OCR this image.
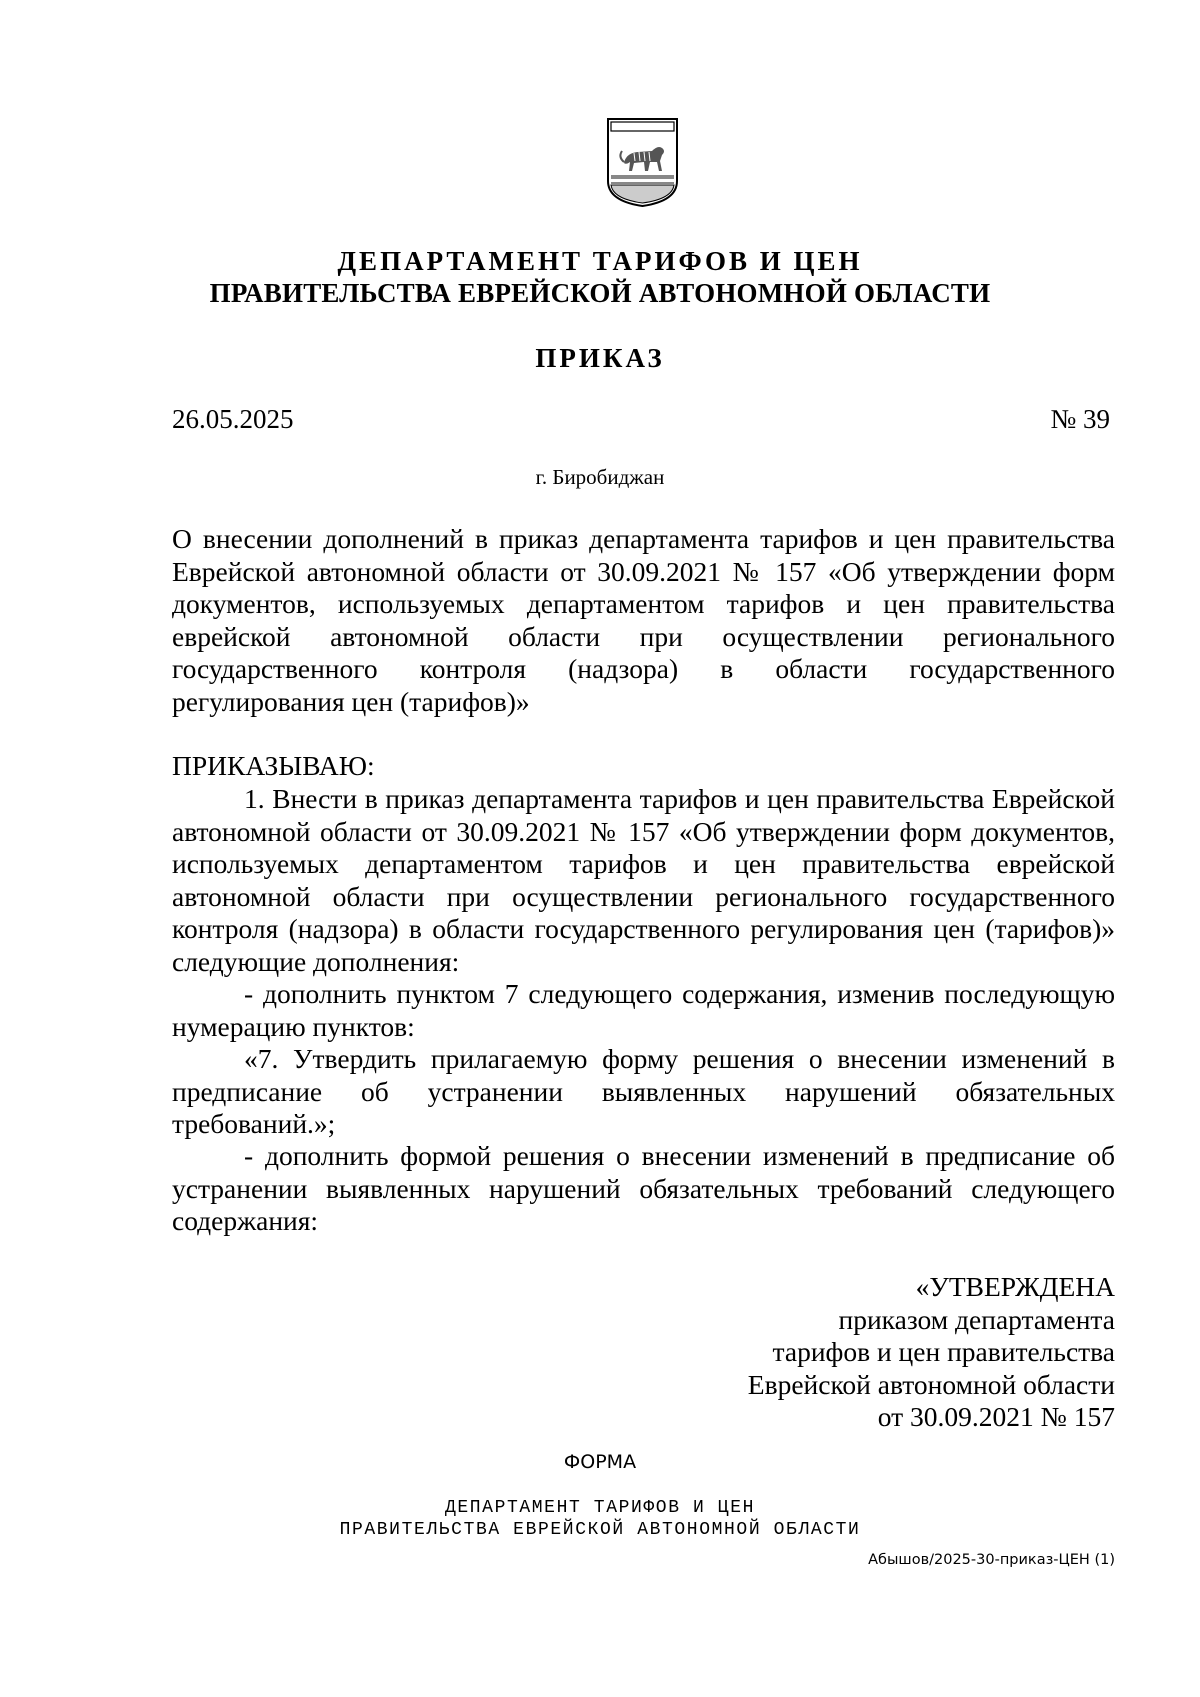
ДЕПАРТАМЕНТ ТАРИФОВ И ЦЕН
ПРАВИТЕЛЬСТВА ЕВРЕЙСКОЙ АВТОНОМНОЙ ОБЛАСТИ
ПРИКАЗ
26.05.2025	№ 39
г. Биробиджан
О внесении дополнений в приказ департамента тарифов и цен правительства Еврейской автономной области от 30.09.2021 № 157 «Об утверждении форм документов, используемых департаментом тарифов и цен правительства еврейской автономной области при осуществлении регионального государственного контроля (надзора) в области государственного регулирования цен (тарифов)»
ПРИКАЗЫВАЮ:
1. Внести в приказ департамента тарифов и цен правительства Еврейской автономной области от 30.09.2021 № 157 «Об утверждении форм документов, используемых департаментом тарифов и цен правительства еврейской автономной области при осуществлении регионального государственного контроля (надзора) в области государственного регулирования цен (тарифов)» следующие дополнения:
- дополнить пунктом 7 следующего содержания, изменив последующую нумерацию пунктов:
«7. Утвердить прилагаемую форму решения о внесении изменений в предписание об устранении выявленных нарушений обязательных требований.»;
- дополнить формой решения о внесении изменений в предписание об устранении выявленных нарушений обязательных требований следующего содержания:
«УТВЕРЖДЕНА
приказом департамента
тарифов и цен правительства
Еврейской автономной области
от 30.09.2021 № 157
ФОРМА
ДЕПАРТАМЕНТ ТАРИФОВ И ЦЕН
ПРАВИТЕЛЬСТВА ЕВРЕЙСКОЙ АВТОНОМНОЙ ОБЛАСТИ
Абышов/2025-30-приказ-ЦЕН (1)
